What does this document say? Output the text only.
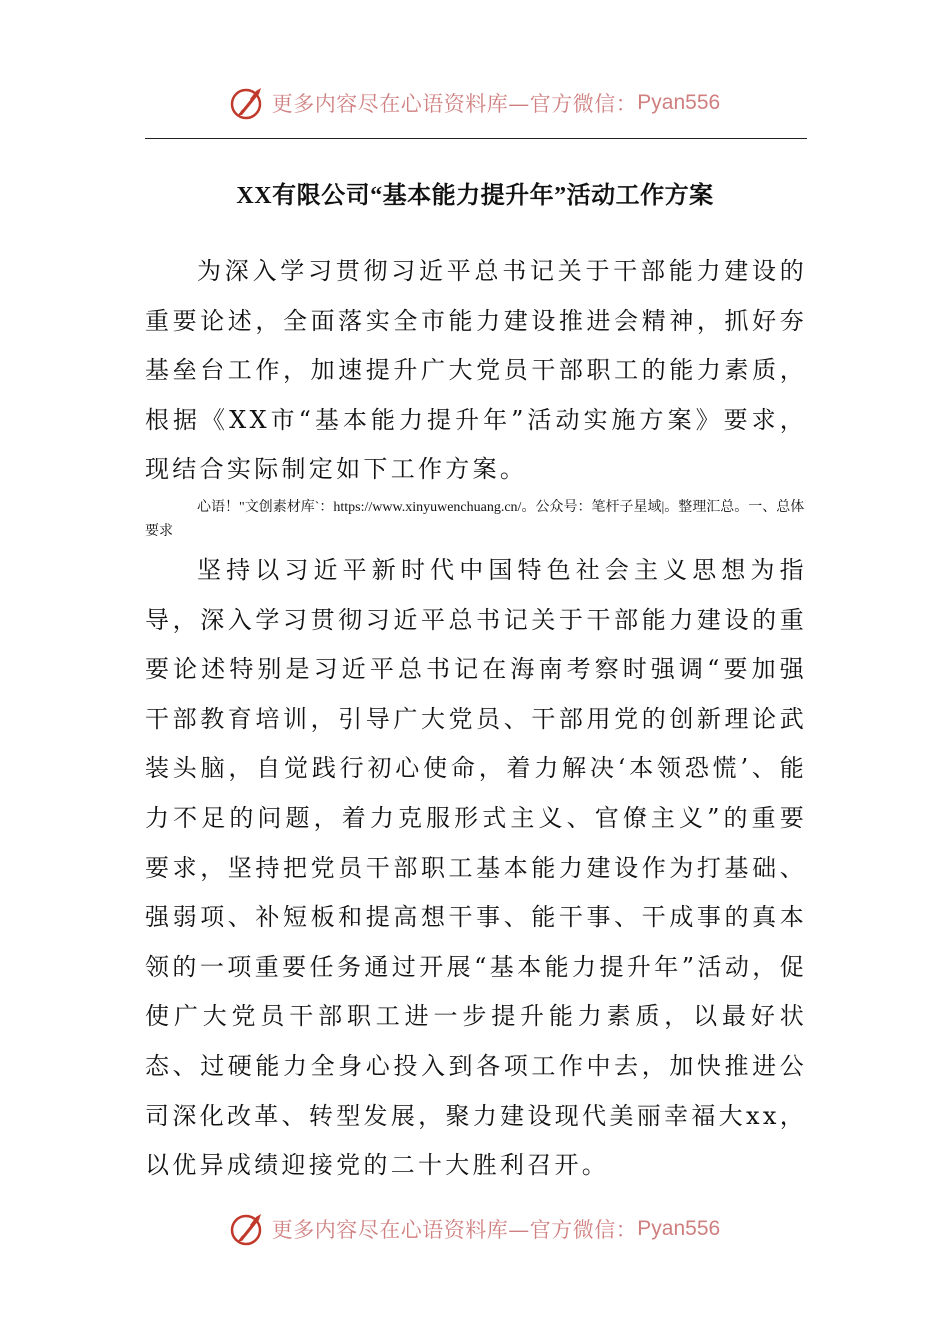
更多内容尽在心语资料库—官方微信： Pyan556
XX有限公司“基本能力提升年”活动工作方案

为深入学习贯彻习近平总书记关于干部能力建设的重要论述，全面落实全市能力建设推进会精神，抓好夯基垒台工作，加速提升广大党员干部职工的能力素质，根据《XX市“基本能力提升年”活动实施方案》要求，现结合实际制定如下工作方案。

心语！"文创素材库`：https://www.xinyuwenchuang.cn/。公众号：笔杆子星域|。整理汇总。一、总体要求

坚持以习近平新时代中国特色社会主义思想为指导，深入学习贯彻习近平总书记关于干部能力建设的重要论述特别是习近平总书记在海南考察时强调“要加强干部教育培训，引导广大党员、干部用党的创新理论武装头脑，自觉践行初心使命，着力解决‘本领恐慌’、能力不足的问题，着力克服形式主义、官僚主义”的重要要求，坚持把党员干部职工基本能力建设作为打基础、强弱项、补短板和提高想干事、能干事、干成事的真本领的一项重要任务通过开展“基本能力提升年”活动，促使广大党员干部职工进一步提升能力素质，以最好状态、过硬能力全身心投入到各项工作中去，加快推进公司深化改革、转型发展，聚力建设现代美丽幸福大xx，以优异成绩迎接党的二十大胜利召开。

更多内容尽在心语资料库—官方微信： Pyan556
